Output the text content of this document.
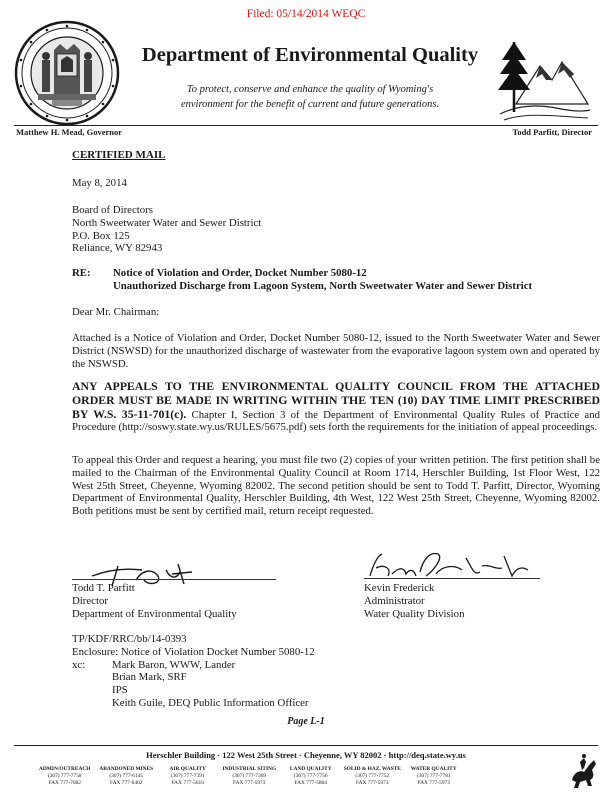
Filed: 05/14/2014 WEQC
Department of Environmental Quality
To protect, conserve and enhance the quality of Wyoming's
environment for the benefit of current and future generations.
Matthew H. Mead, Governor	Todd Parfitt, Director
CERTIFIED MAIL
May 8, 2014
Board of Directors
North Sweetwater Water and Sewer District
P.O. Box 125
Reliance, WY 82943
RE: Notice of Violation and Order, Docket Number 5080-12
Unauthorized Discharge from Lagoon System, North Sweetwater Water and Sewer District
Dear Mr. Chairman:
Attached is a Notice of Violation and Order, Docket Number 5080-12, issued to the North Sweetwater Water and Sewer District (NSWSD) for the unauthorized discharge of wastewater from the evaporative lagoon system own and operated by the NSWSD.
ANY APPEALS TO THE ENVIRONMENTAL QUALITY COUNCIL FROM THE ATTACHED ORDER MUST BE MADE IN WRITING WITHIN THE TEN (10) DAY TIME LIMIT PRESCRIBED BY W.S. 35-11-701(c). Chapter I, Section 3 of the Department of Environmental Quality Rules of Practice and Procedure (http://soswy.state.wy.us/RULES/5675.pdf) sets forth the requirements for the initiation of appeal proceedings.
To appeal this Order and request a hearing, you must file two (2) copies of your written petition. The first petition shall be mailed to the Chairman of the Environmental Quality Council at Room 1714, Herschler Building, 1st Floor West, 122 West 25th Street, Cheyenne, Wyoming 82002. The second petition should be sent to Todd T. Parfitt, Director, Wyoming Department of Environmental Quality, Herschler Building, 4th West, 122 West 25th Street, Cheyenne, Wyoming 82002. Both petitions must be sent by certified mail, return receipt requested.
Todd T. Parfitt
Director
Department of Environmental Quality
Kevin Frederick
Administrator
Water Quality Division
TP/KDF/RRC/bb/14-0393
Enclosure: Notice of Violation Docket Number 5080-12
xc: Mark Baron, WWW, Lander
Brian Mark, SRF
IPS
Keith Guile, DEQ Public Information Officer
Page L-1
Herschler Building · 122 West 25th Street · Cheyenne, WY 82002 · http://deq.state.wy.us
ADMIN/OUTREACH
(307) 777-7758
FAX 777-7682
ABANDONED MINES
(307) 777-6145
FAX 777-6462
AIR QUALITY
(307) 777-7391
FAX 777-5616
INDUSTRIAL SITING
(307) 777-7369
FAX 777-5973
LAND QUALITY
(307) 777-7756
FAX 777-5864
SOLID & HAZ. WASTE
(307) 777-7752
FAX 777-5973
WATER QUALITY
(307) 777-7781
FAX 777-5973
